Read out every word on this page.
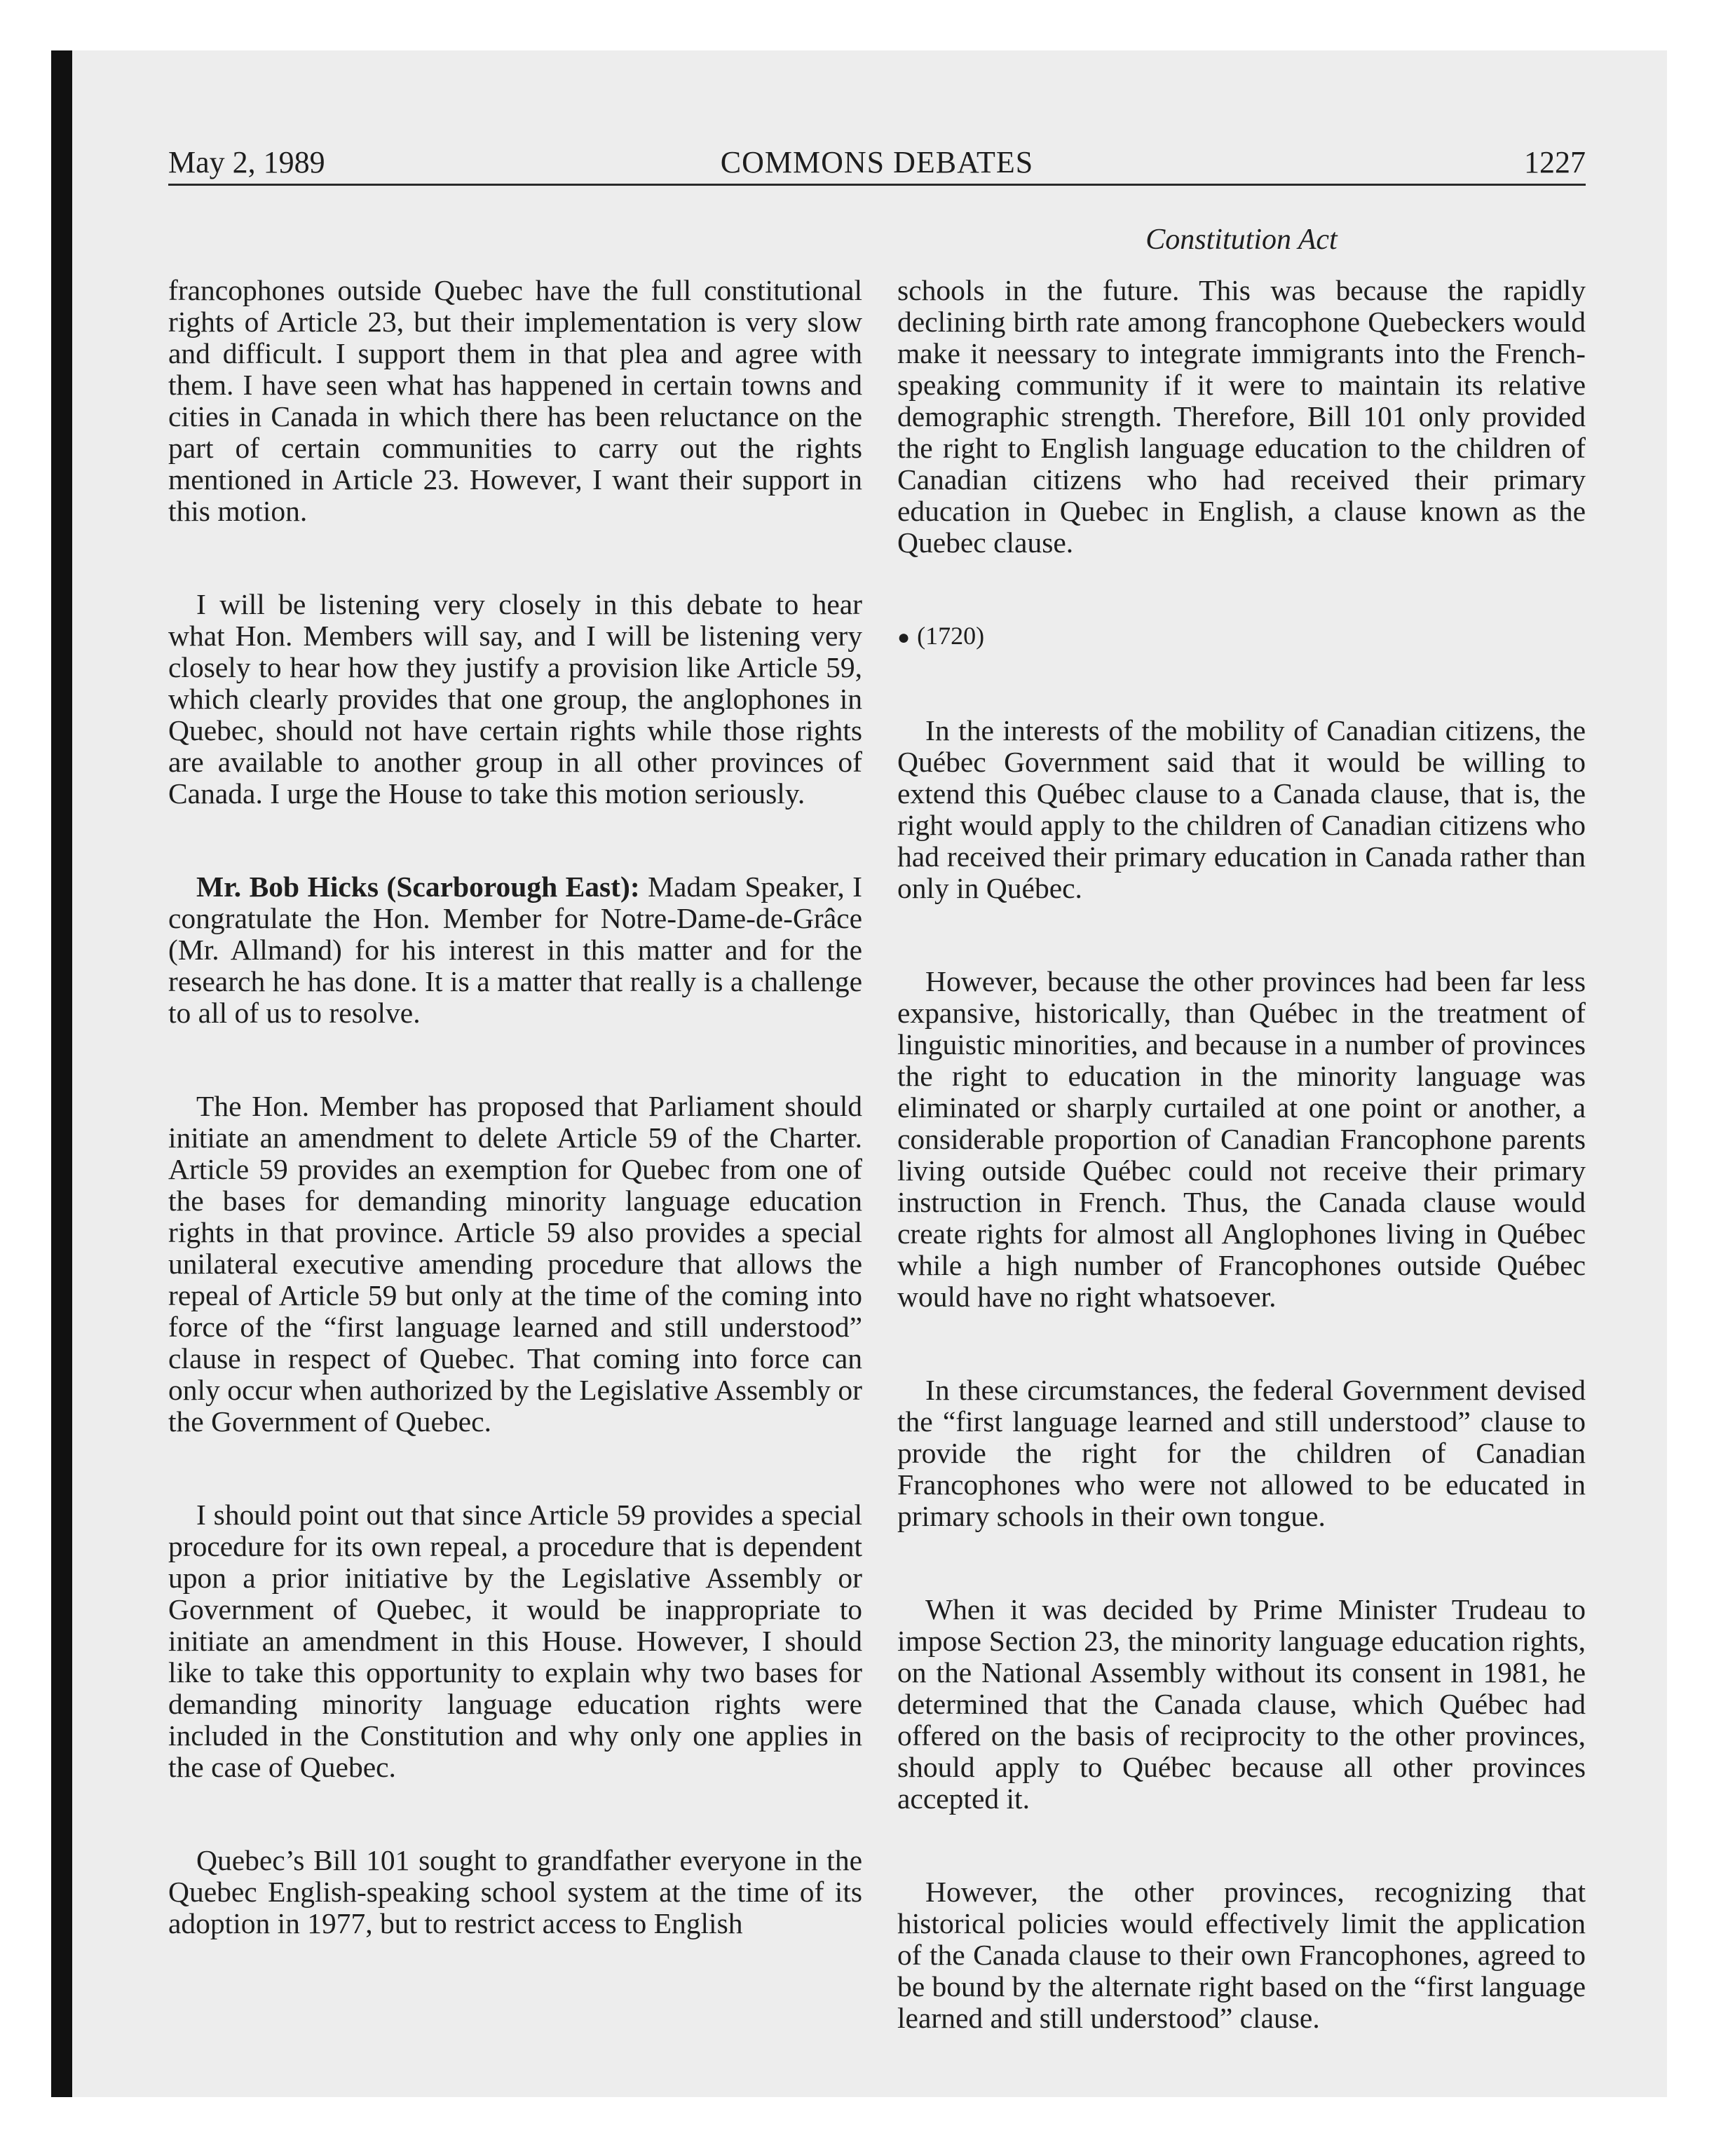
May 2, 1989	COMMONS DEBATES	1227
Constitution Act

francophones outside Quebec have the full constitutional rights of Article 23, but their implementation is very slow and difficult. I support them in that plea and agree with them. I have seen what has happened in certain towns and cities in Canada in which there has been reluctance on the part of certain communities to carry out the rights mentioned in Article 23. However, I want their support in this motion.

I will be listening very closely in this debate to hear what Hon. Members will say, and I will be listening very closely to hear how they justify a provision like Article 59, which clearly provides that one group, the anglophones in Quebec, should not have certain rights while those rights are available to another group in all other provinces of Canada. I urge the House to take this motion seriously.

Mr. Bob Hicks (Scarborough East): Madam Speaker, I congratulate the Hon. Member for Notre-Dame-de-Grâce (Mr. Allmand) for his interest in this matter and for the research he has done. It is a matter that really is a challenge to all of us to resolve.

The Hon. Member has proposed that Parliament should initiate an amendment to delete Article 59 of the Charter. Article 59 provides an exemption for Quebec from one of the bases for demanding minority language education rights in that province. Article 59 also provides a special unilateral executive amending procedure that allows the repeal of Article 59 but only at the time of the coming into force of the “first language learned and still understood” clause in respect of Quebec. That coming into force can only occur when authorized by the Legislative Assembly or the Government of Quebec.

I should point out that since Article 59 provides a special procedure for its own repeal, a procedure that is dependent upon a prior initiative by the Legislative Assembly or Government of Quebec, it would be inappropriate to initiate an amendment in this House. However, I should like to take this opportunity to explain why two bases for demanding minority language education rights were included in the Constitution and why only one applies in the case of Quebec.

Quebec’s Bill 101 sought to grandfather everyone in the Quebec English-speaking school system at the time of its adoption in 1977, but to restrict access to English

schools in the future. This was because the rapidly declining birth rate among francophone Quebeckers would make it neessary to integrate immigrants into the French-speaking community if it were to maintain its relative demographic strength. Therefore, Bill 101 only provided the right to English language education to the children of Canadian citizens who had received their primary education in Quebec in English, a clause known as the Quebec clause.

● (1720)

In the interests of the mobility of Canadian citizens, the Québec Government said that it would be willing to extend this Québec clause to a Canada clause, that is, the right would apply to the children of Canadian citizens who had received their primary education in Canada rather than only in Québec.

However, because the other provinces had been far less expansive, historically, than Québec in the treatment of linguistic minorities, and because in a number of provinces the right to education in the minority language was eliminated or sharply curtailed at one point or another, a considerable proportion of Canadian Francophone parents living outside Québec could not receive their primary instruction in French. Thus, the Canada clause would create rights for almost all Anglophones living in Québec while a high number of Francophones outside Québec would have no right whatsoever.

In these circumstances, the federal Government devised the “first language learned and still understood” clause to provide the right for the children of Canadian Francophones who were not allowed to be educated in primary schools in their own tongue.

When it was decided by Prime Minister Trudeau to impose Section 23, the minority language education rights, on the National Assembly without its consent in 1981, he determined that the Canada clause, which Québec had offered on the basis of reciprocity to the other provinces, should apply to Québec because all other provinces accepted it.

However, the other provinces, recognizing that historical policies would effectively limit the application of the Canada clause to their own Francophones, agreed to be bound by the alternate right based on the “first language learned and still understood” clause.
